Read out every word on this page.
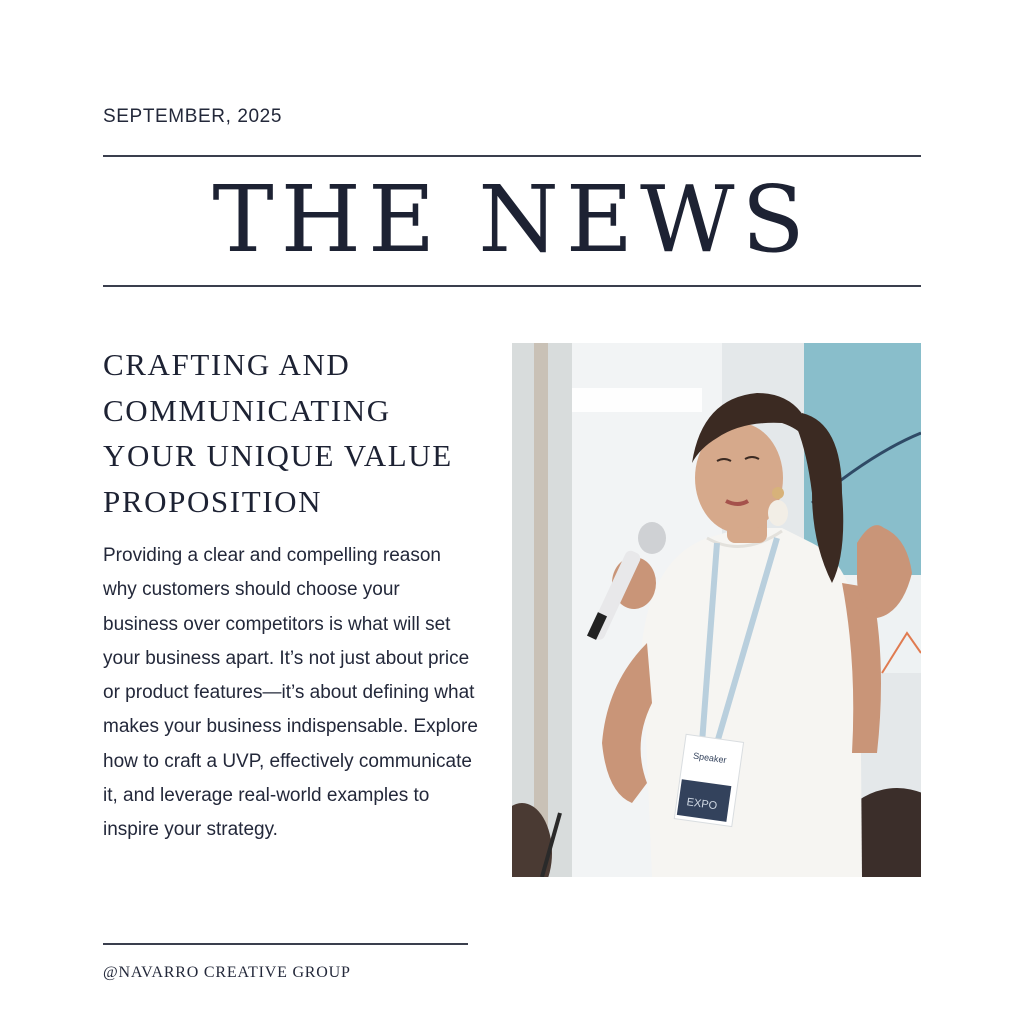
SEPTEMBER, 2025
THE NEWS
CRAFTING AND COMMUNICATING YOUR UNIQUE VALUE PROPOSITION

Providing a clear and compelling reason why customers should choose your business over competitors is what will set your business apart. It’s not just about price or product features—it’s about defining what makes your business indispensable. Explore how to craft a UVP, effectively communicate it, and leverage real-world examples to inspire your strategy.

Speaker
EXPO
@NAVARRO CREATIVE GROUP
